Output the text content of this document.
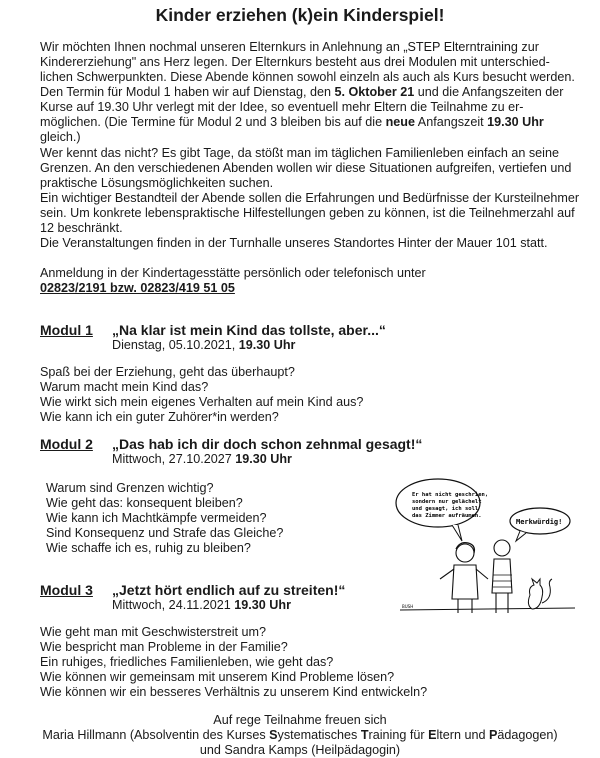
Kinder erziehen (k)ein Kinderspiel!

Wir möchten Ihnen nochmal unseren Elternkurs in Anlehnung an „STEP Elterntraining zur Kindererziehung" ans Herz legen. Der Elternkurs besteht aus drei Modulen mit unterschied-lichen Schwerpunkten. Diese Abende können sowohl einzeln als auch als Kurs besucht werden. Den Termin für Modul 1 haben wir auf Dienstag, den 5. Oktober 21 und die Anfangszeiten der Kurse auf 19.30 Uhr verlegt mit der Idee, so eventuell mehr Eltern die Teilnahme zu er-möglichen. (Die Termine für Modul 2 und 3 bleiben bis auf die neue Anfangszeit 19.30 Uhr gleich.)

Wer kennt das nicht? Es gibt Tage, da stößt man im täglichen Familienleben einfach an seine Grenzen. An den verschiedenen Abenden wollen wir diese Situationen aufgreifen, vertiefen und praktische Lösungsmöglichkeiten suchen.

Ein wichtiger Bestandteil der Abende sollen die Erfahrungen und Bedürfnisse der Kursteilnehmer sein. Um konkrete lebenspraktische Hilfestellungen geben zu können, ist die Teilnehmerzahl auf 12 beschränkt.

Die Veranstaltungen finden in der Turnhalle unseres Standortes Hinter der Mauer 101 statt.

Anmeldung in der Kindertagesstätte persönlich oder telefonisch unter

02823/2191 bzw. 02823/419 51 05

Modul 1 „Na klar ist mein Kind das tollste, aber...“
Dienstag, 05.10.2021, 19.30 Uhr
Spaß bei der Erziehung, geht das überhaupt?
Warum macht mein Kind das?
Wie wirkt sich mein eigenes Verhalten auf mein Kind aus?
Wie kann ich ein guter Zuhörer*in werden?
Modul 2 „Das hab ich dir doch schon zehnmal gesagt!“
Mittwoch, 27.10.2027 19.30 Uhr
Warum sind Grenzen wichtig?
Wie geht das: konsequent bleiben?
Wie kann ich Machtkämpfe vermeiden?
Sind Konsequenz und Strafe das Gleiche?
Wie schaffe ich es, ruhig zu bleiben?
Er hat nicht geschrien,
sondern nur gelächelt
und gesagt, ich soll
das Zimmer aufräumen.
Merkwürdig!
BUSH
Modul 3 „Jetzt hört endlich auf zu streiten!“
Mittwoch, 24.11.2021 19.30 Uhr
Wie geht man mit Geschwisterstreit um?
Wie bespricht man Probleme in der Familie?
Ein ruhiges, friedliches Familienleben, wie geht das?
Wie können wir gemeinsam mit unserem Kind Probleme lösen?
Wie können wir ein besseres Verhältnis zu unserem Kind entwickeln?
Auf rege Teilnahme freuen sich
Maria Hillmann (Absolventin des Kurses Systematisches Training für Eltern und Pädagogen)
und Sandra Kamps (Heilpädagogin)
